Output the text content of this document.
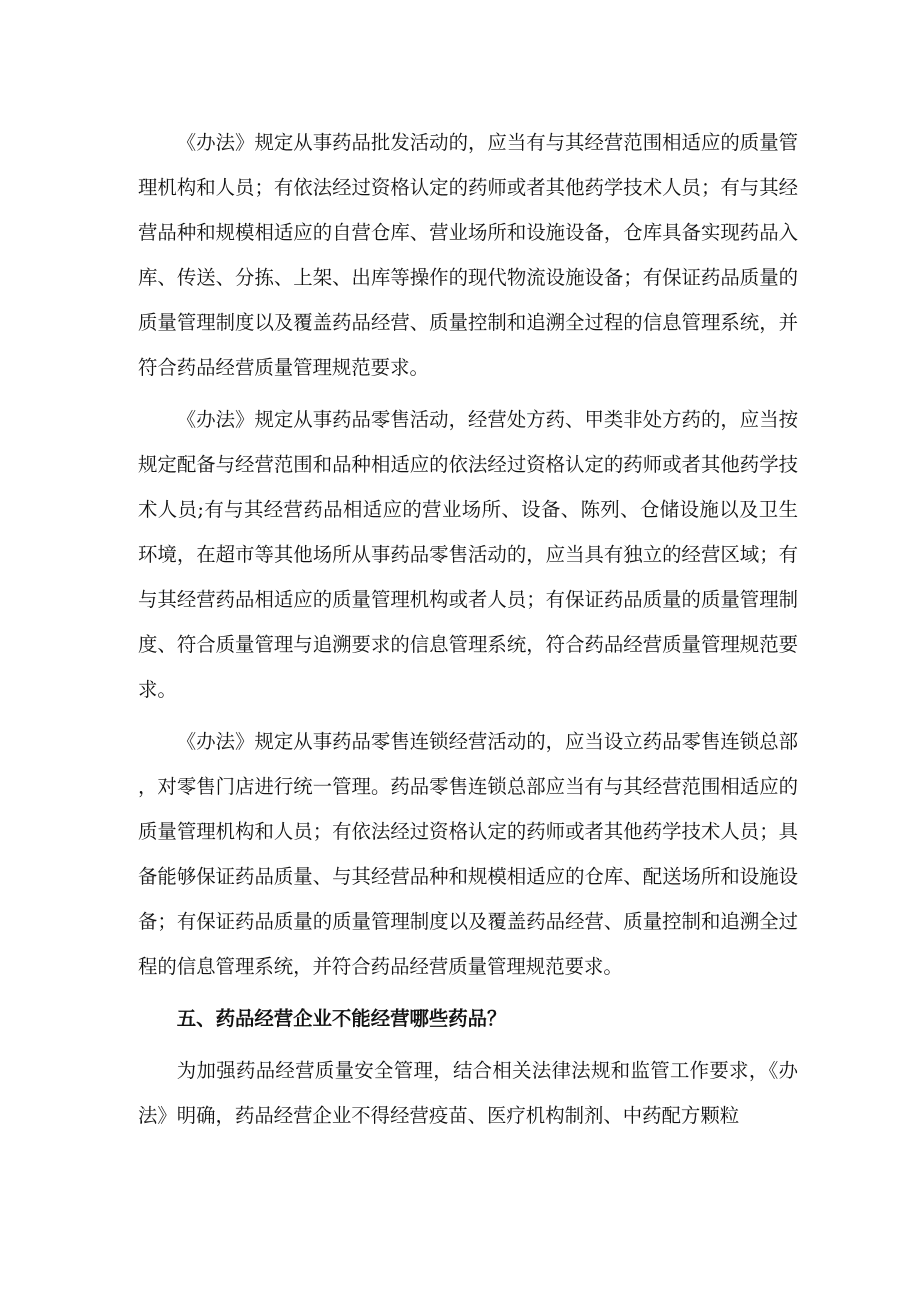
《办法》规定从事药品批发活动的，应当有与其经营范围相适应的质量管理机构和人员；有依法经过资格认定的药师或者其他药学技术人员；有与其经营品种和规模相适应的自营仓库、营业场所和设施设备，仓库具备实现药品入库、传送、分拣、上架、出库等操作的现代物流设施设备；有保证药品质量的质量管理制度以及覆盖药品经营、质量控制和追溯全过程的信息管理系统，并符合药品经营质量管理规范要求。

《办法》规定从事药品零售活动，经营处方药、甲类非处方药的，应当按规定配备与经营范围和品种相适应的依法经过资格认定的药师或者其他药学技术人员;有与其经营药品相适应的营业场所、设备、陈列、仓储设施以及卫生环境，在超市等其他场所从事药品零售活动的，应当具有独立的经营区域；有与其经营药品相适应的质量管理机构或者人员；有保证药品质量的质量管理制度、符合质量管理与追溯要求的信息管理系统，符合药品经营质量管理规范要求。

《办法》规定从事药品零售连锁经营活动的，应当设立药品零售连锁总部，对零售门店进行统一管理。药品零售连锁总部应当有与其经营范围相适应的质量管理机构和人员；有依法经过资格认定的药师或者其他药学技术人员；具备能够保证药品质量、与其经营品种和规模相适应的仓库、配送场所和设施设备；有保证药品质量的质量管理制度以及覆盖药品经营、质量控制和追溯全过程的信息管理系统，并符合药品经营质量管理规范要求。

五、药品经营企业不能经营哪些药品？

为加强药品经营质量安全管理，结合相关法律法规和监管工作要求，《办法》明确，药品经营企业不得经营疫苗、医疗机构制剂、中药配方颗粒
